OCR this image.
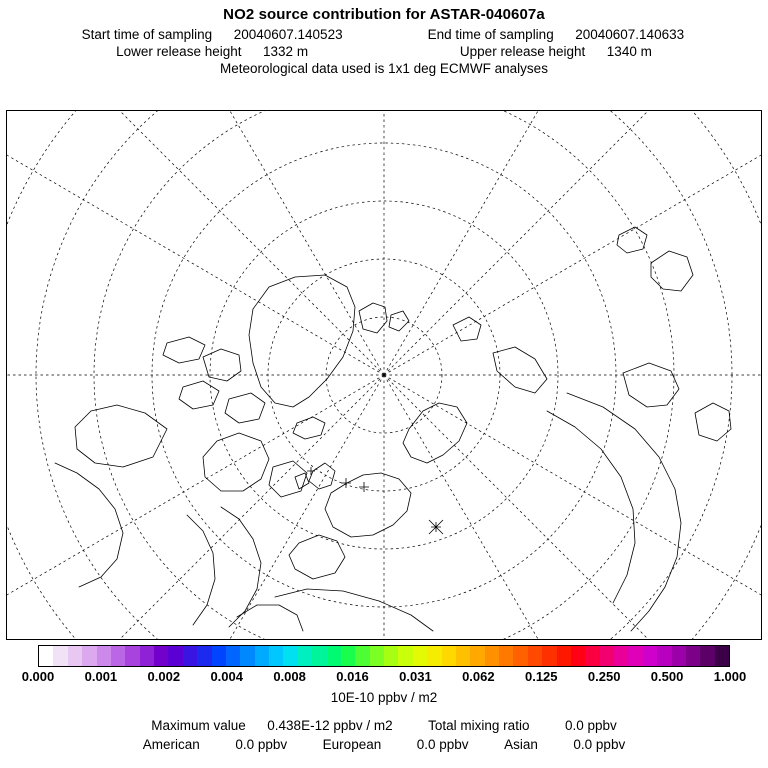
NO2 source contribution for ASTAR-040607a
Start time of sampling 20040607.140523	End time of sampling 20040607.140633
Lower release height 1332 m	Upper release height 1340 m
Meteorological data used is 1x1 deg ECMWF analyses
0.000	0.001	0.002	0.004	0.008	0.016	0.031	0.062	0.125	0.250	0.500	1.000
10E-10 ppbv / m2
Maximum value 0.438E-12 ppbv / m2	Total mixing ratio	0.0 ppbv
American	0.0 ppbv	European	0.0 ppbv	Asian	0.0 ppbv
